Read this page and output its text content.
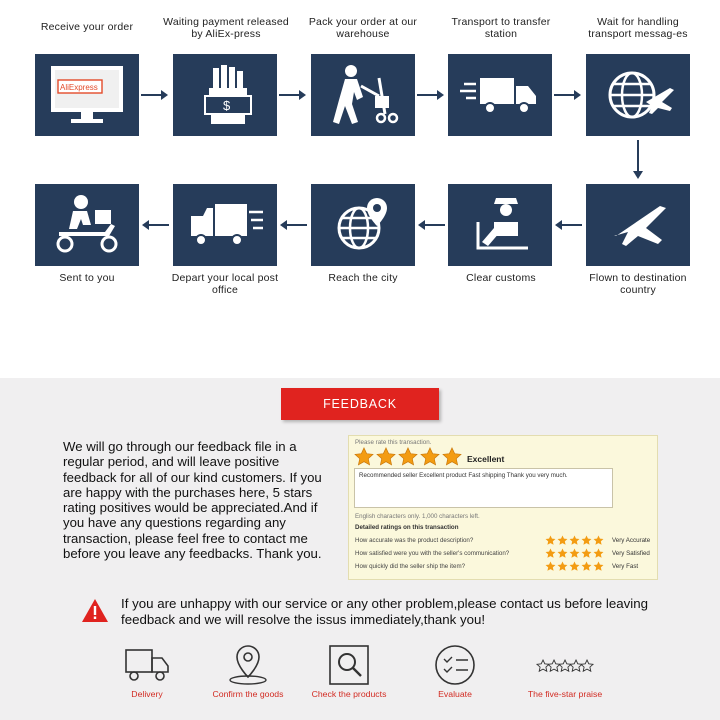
Receive your order	Waiting payment released by AliEx-press
Pack your order at our warehouse
Transport to transfer station
Wait for handling transport messag-es
AliExpress
$
Sent to you	Depart your local post office
Reach the city	Clear customs	Flown to destination country
FEEDBACK
We will go through our feedback file in a regular period, and will leave positive feedback for all of our kind customers. If you are happy with the purchases here, 5 stars rating positives would be appreciated.And if you have any questions regarding any transaction, please feel free to contact me before you leave any feedbacks. Thank you.
Please rate this transaction.
Excellent
Recommended seller Excellent product Fast shipping Thank you very much.
English characters only. 1,000 characters left.
Detailed ratings on this transaction
How accurate was the product description?	Very Accurate
How satisfied were you with the seller's communication?	Very Satisfied
How quickly did the seller ship the item?	Very Fast
If you are unhappy with our service or any other problem,please contact us before leaving feedback and we will resolve the issus immediately,thank you!
Delivery	Confirm the goods	Check the products	Evaluate	The five-star praise
